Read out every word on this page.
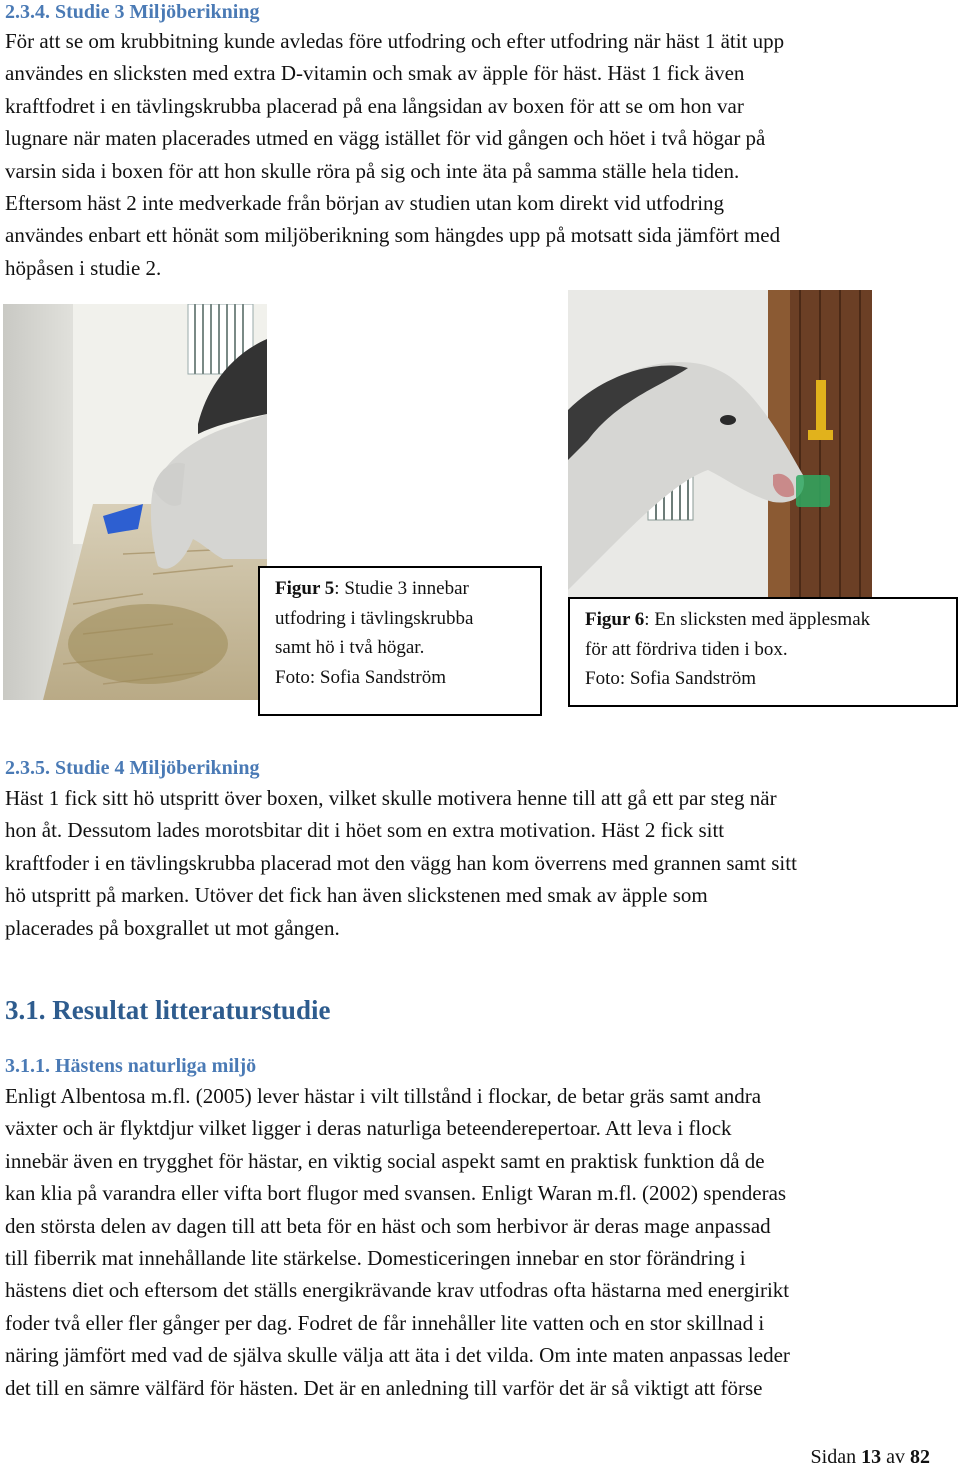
2.3.4. Studie 3 Miljöberikning
För att se om krubbitning kunde avledas före utfodring och efter utfodring när häst 1 ätit upp
användes en slicksten med extra D-vitamin och smak av äpple för häst. Häst 1 fick även
kraftfodret i en tävlingskrubba placerad på ena långsidan av boxen för att se om hon var
lugnare när maten placerades utmed en vägg istället för vid gången och höet i två högar på
varsin sida i boxen för att hon skulle röra på sig och inte äta på samma ställe hela tiden.
Eftersom häst 2 inte medverkade från början av studien utan kom direkt vid utfodring
användes enbart ett hönät som miljöberikning som hängdes upp på motsatt sida jämfört med
höpåsen i studie 2.
Figur 5: Studie 3 innebar
utfodring i tävlingskrubba
samt hö i två högar.
Foto: Sofia Sandström
Figur 6: En slicksten med äpplesmak
för att fördriva tiden i box.
Foto: Sofia Sandström
2.3.5. Studie 4 Miljöberikning
Häst 1 fick sitt hö utspritt över boxen, vilket skulle motivera henne till att gå ett par steg när
hon åt. Dessutom lades morotsbitar dit i höet som en extra motivation. Häst 2 fick sitt
kraftfoder i en tävlingskrubba placerad mot den vägg han kom överrens med grannen samt sitt
hö utspritt på marken. Utöver det fick han även slickstenen med smak av äpple som
placerades på boxgrallet ut mot gången.
3.1. Resultat litteraturstudie
3.1.1. Hästens naturliga miljö
Enligt Albentosa m.fl. (2005) lever hästar i vilt tillstånd i flockar, de betar gräs samt andra
växter och är flyktdjur vilket ligger i deras naturliga beteenderepertoar. Att leva i flock
innebär även en trygghet för hästar, en viktig social aspekt samt en praktisk funktion då de
kan klia på varandra eller vifta bort flugor med svansen. Enligt Waran m.fl. (2002) spenderas
den största delen av dagen till att beta för en häst och som herbivor är deras mage anpassad
till fiberrik mat innehållande lite stärkelse. Domesticeringen innebar en stor förändring i
hästens diet och eftersom det ställs energikrävande krav utfodras ofta hästarna med energirikt
foder två eller fler gånger per dag. Fodret de får innehåller lite vatten och en stor skillnad i
näring jämfört med vad de själva skulle välja att äta i det vilda. Om inte maten anpassas leder
det till en sämre välfärd för hästen. Det är en anledning till varför det är så viktigt att förse
Sidan 13 av 82
